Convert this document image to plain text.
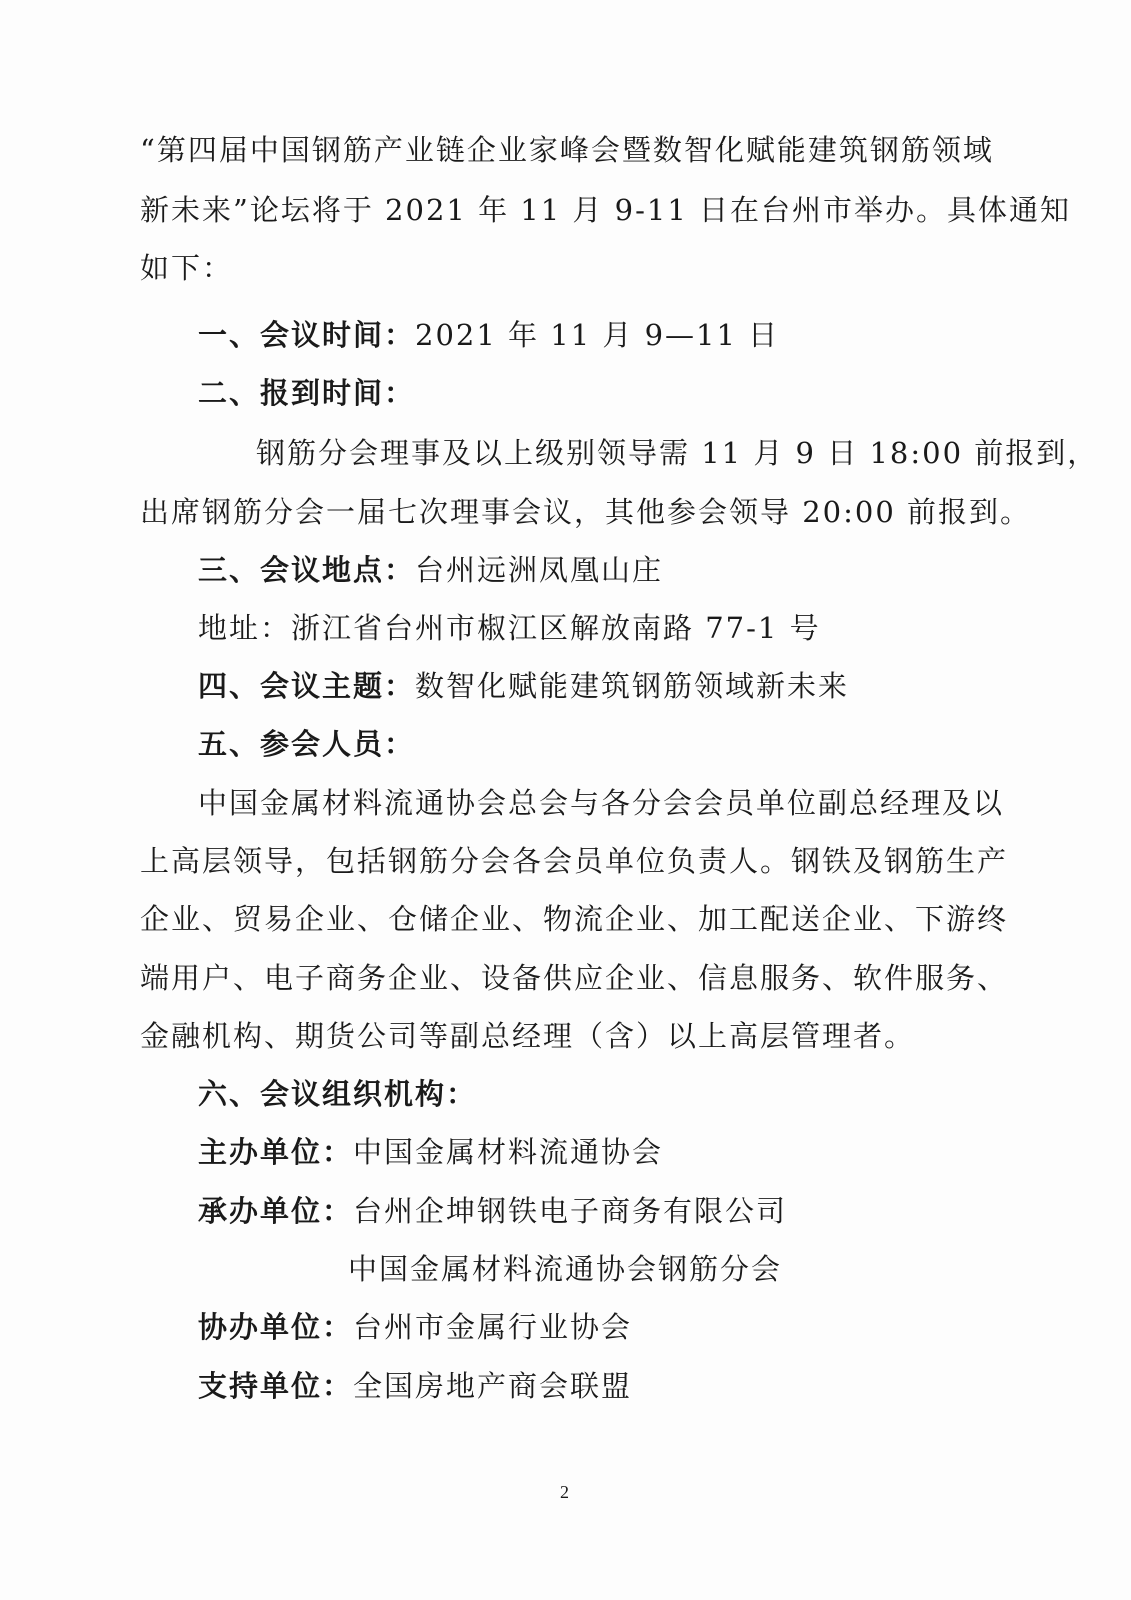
“第四届中国钢筋产业链企业家峰会暨数智化赋能建筑钢筋领域
新未来”论坛将于 2021 年 11 月 9-11 日在台州市举办。具体通知
如下：
一、会议时间：2021 年 11 月 9—11 日
二、报到时间：
钢筋分会理事及以上级别领导需 11 月 9 日 18:00 前报到，
出席钢筋分会一届七次理事会议，其他参会领导 20:00 前报到。
三、会议地点：台州远洲凤凰山庄
地址：浙江省台州市椒江区解放南路 77-1 号
四、会议主题：数智化赋能建筑钢筋领域新未来
五、参会人员：
中国金属材料流通协会总会与各分会会员单位副总经理及以
上高层领导，包括钢筋分会各会员单位负责人。钢铁及钢筋生产
企业、贸易企业、仓储企业、物流企业、加工配送企业、下游终
端用户、电子商务企业、设备供应企业、信息服务、软件服务、
金融机构、期货公司等副总经理（含）以上高层管理者。
六、会议组织机构：
主办单位：中国金属材料流通协会
承办单位：台州企坤钢铁电子商务有限公司
中国金属材料流通协会钢筋分会
协办单位：台州市金属行业协会
支持单位：全国房地产商会联盟
2
